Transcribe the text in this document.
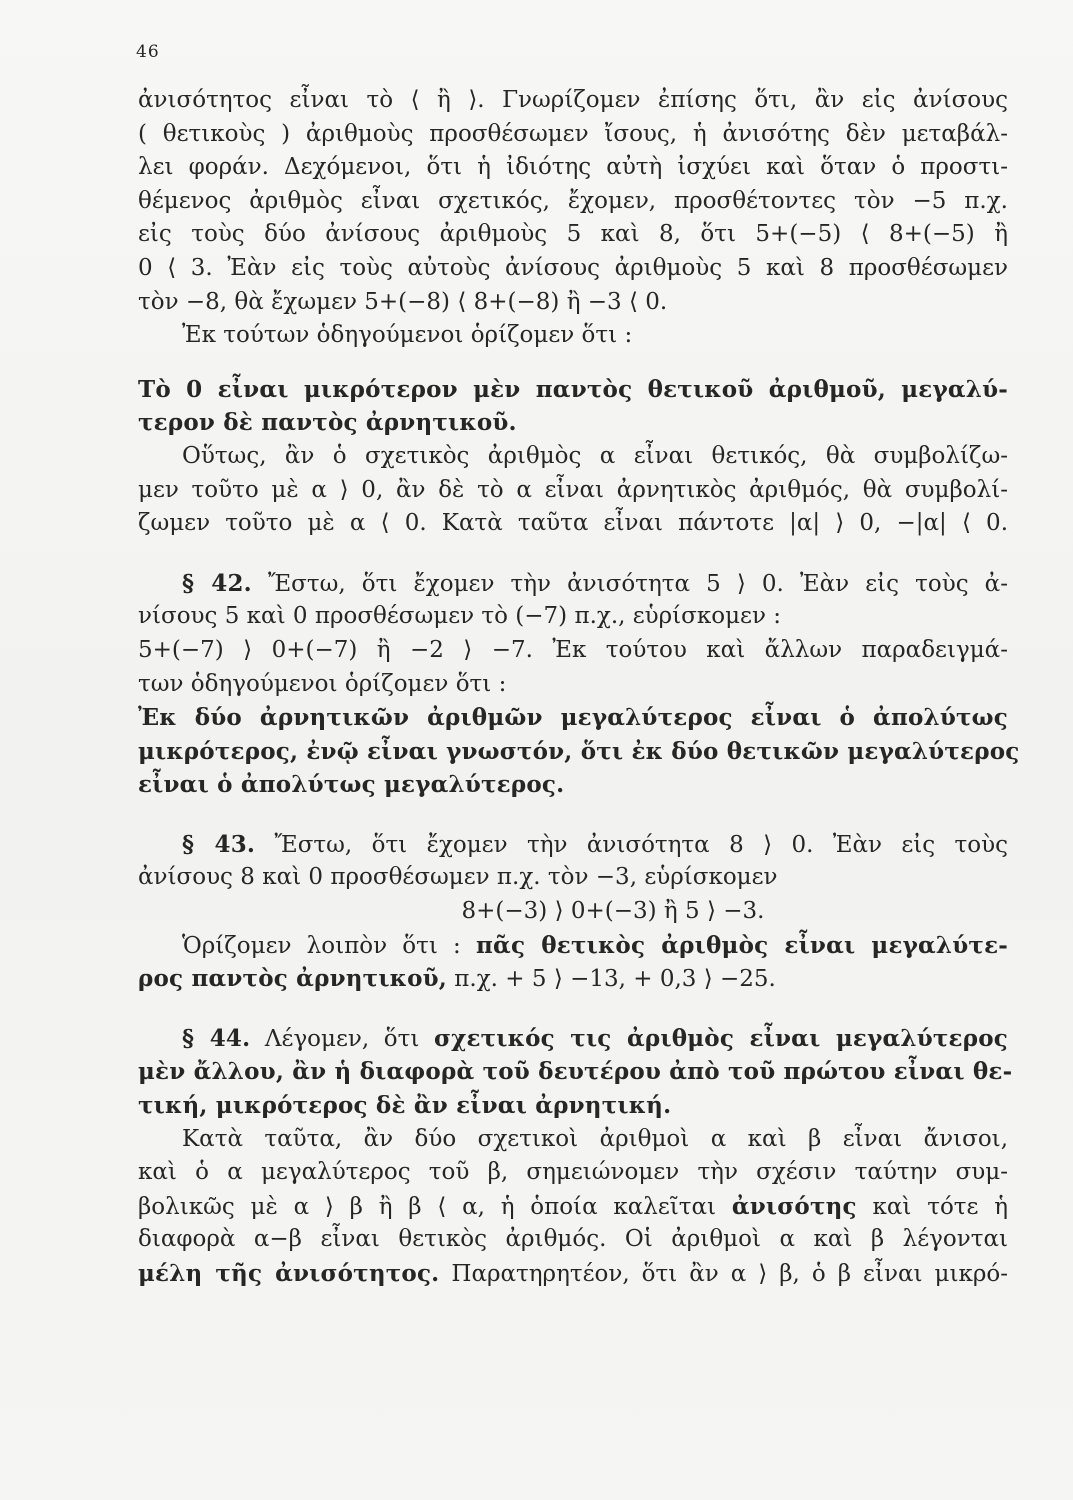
46
ἀνισότητος εἶναι τὸ ⟨ ἢ ⟩. Γνωρίζομεν ἐπίσης ὅτι, ἂν εἰς ἀνίσους
( θετικοὺς ) ἀριθμοὺς προσθέσωμεν ἴσους, ἡ ἀνισότης δὲν μεταβάλ-
λει φοράν. Δεχόμενοι, ὅτι ἡ ἰδιότης αὐτὴ ἰσχύει καὶ ὅταν ὁ προστι-
θέμενος ἀριθμὸς εἶναι σχετικός, ἔχομεν, προσθέτοντες τὸν −5 π.χ.
εἰς τοὺς δύο ἀνίσους ἀριθμοὺς 5 καὶ 8, ὅτι 5+(−5) ⟨ 8+(−5) ἢ
0 ⟨ 3. Ἐὰν εἰς τοὺς αὐτοὺς ἀνίσους ἀριθμοὺς 5 καὶ 8 προσθέσωμεν
τὸν −8, θὰ ἔχωμεν 5+(−8) ⟨ 8+(−8) ἢ −3 ⟨ 0.
Ἐκ τούτων ὁδηγούμενοι ὁρίζομεν ὅτι :
Τὸ 0 εἶναι μικρότερον μὲν παντὸς θετικοῦ ἀριθμοῦ, μεγαλύ-
τερον δὲ παντὸς ἀρνητικοῦ.
Οὕτως, ἂν ὁ σχετικὸς ἀριθμὸς α εἶναι θετικός, θὰ συμβολίζω-
μεν τοῦτο μὲ α ⟩ 0, ἂν δὲ τὸ α εἶναι ἀρνητικὸς ἀριθμός, θὰ συμβολί-
ζωμεν τοῦτο μὲ α ⟨ 0. Κατὰ ταῦτα εἶναι πάντοτε |α| ⟩ 0, −|α| ⟨ 0.
§ 42. Ἔστω, ὅτι ἔχομεν τὴν ἀνισότητα 5 ⟩ 0. Ἐὰν εἰς τοὺς ἀ-
νίσους 5 καὶ 0 προσθέσωμεν τὸ (−7) π.χ., εὑρίσκομεν :
5+(−7) ⟩ 0+(−7) ἢ −2 ⟩ −7. Ἐκ τούτου καὶ ἄλλων παραδειγμά-
των ὁδηγούμενοι ὁρίζομεν ὅτι :
Ἐκ δύο ἀρνητικῶν ἀριθμῶν μεγαλύτερος εἶναι ὁ ἀπολύτως
μικρότερος, ἐνῷ εἶναι γνωστόν, ὅτι ἐκ δύο θετικῶν μεγαλύτερος
εἶναι ὁ ἀπολύτως μεγαλύτερος.
§ 43. Ἔστω, ὅτι ἔχομεν τὴν ἀνισότητα 8 ⟩ 0. Ἐὰν εἰς τοὺς
ἀνίσους 8 καὶ 0 προσθέσωμεν π.χ. τὸν −3, εὑρίσκομεν
8+(−3) ⟩ 0+(−3) ἢ 5 ⟩ −3.
Ὁρίζομεν λοιπὸν ὅτι : πᾶς θετικὸς ἀριθμὸς εἶναι μεγαλύτε-
ρος παντὸς ἀρνητικοῦ, π.χ. + 5 ⟩ −13, + 0,3 ⟩ −25.
§ 44. Λέγομεν, ὅτι σχετικός τις ἀριθμὸς εἶναι μεγαλύτερος
μὲν ἄλλου, ἂν ἡ διαφορὰ τοῦ δευτέρου ἀπὸ τοῦ πρώτου εἶναι θε-
τική, μικρότερος δὲ ἂν εἶναι ἀρνητική.
Κατὰ ταῦτα, ἂν δύο σχετικοὶ ἀριθμοὶ α καὶ β εἶναι ἄνισοι,
καὶ ὁ α μεγαλύτερος τοῦ β, σημειώνομεν τὴν σχέσιν ταύτην συμ-
βολικῶς μὲ α ⟩ β ἢ β ⟨ α, ἡ ὁποία καλεῖται ἀνισότης καὶ τότε ἡ
διαφορὰ α−β εἶναι θετικὸς ἀριθμός. Οἱ ἀριθμοὶ α καὶ β λέγονται
μέλη τῆς ἀνισότητος. Παρατηρητέον, ὅτι ἂν α ⟩ β, ὁ β εἶναι μικρό-
